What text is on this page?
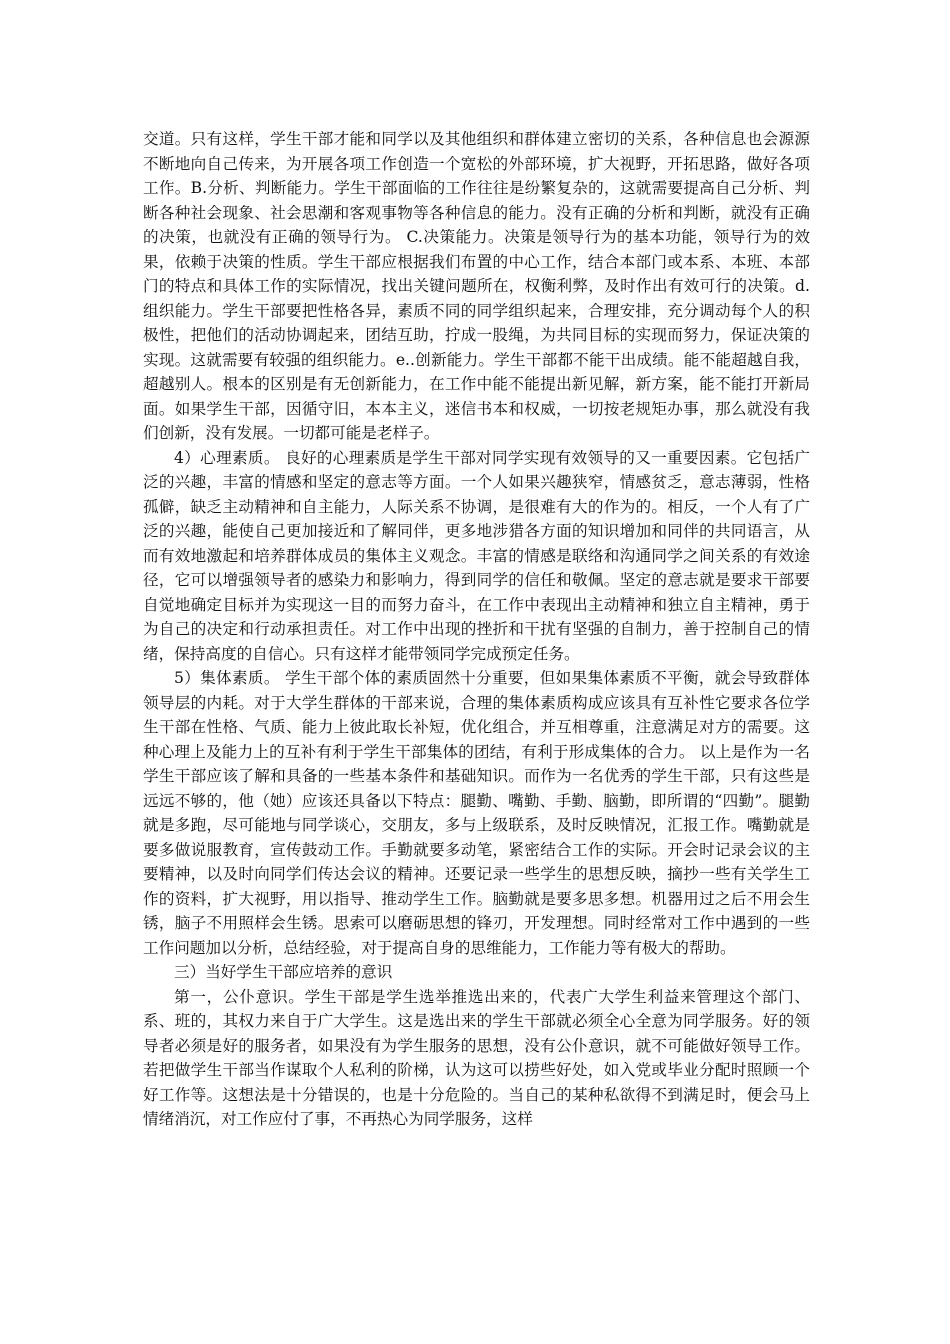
交道。只有这样，学生干部才能和同学以及其他组织和群体建立密切的关系，各种信息也会源源不断地向自己传来，为开展各项工作创造一个宽松的外部环境，扩大视野，开拓思路，做好各项工作。B.分析、判断能力。学生干部面临的工作往往是纷繁复杂的，这就需要提高自己分析、判断各种社会现象、社会思潮和客观事物等各种信息的能力。没有正确的分析和判断，就没有正确的决策，也就没有正确的领导行为。 C.决策能力。决策是领导行为的基本功能，领导行为的效果，依赖于决策的性质。学生干部应根据我们布置的中心工作，结合本部门或本系、本班、本部门的特点和具体工作的实际情况，找出关键问题所在，权衡利弊，及时作出有效可行的决策。d.组织能力。学生干部要把性格各异，素质不同的同学组织起来，合理安排，充分调动每个人的积极性，把他们的活动协调起来，团结互助，拧成一股绳，为共同目标的实现而努力，保证决策的实现。这就需要有较强的组织能力。e..创新能力。学生干部都不能干出成绩。能不能超越自我，超越别人。根本的区别是有无创新能力，在工作中能不能提出新见解，新方案，能不能打开新局面。如果学生干部，因循守旧，本本主义，迷信书本和权威，一切按老规矩办事，那么就没有我们创新，没有发展。一切都可能是老样子。

4）心理素质。 良好的心理素质是学生干部对同学实现有效领导的又一重要因素。它包括广泛的兴趣，丰富的情感和坚定的意志等方面。一个人如果兴趣狭窄，情感贫乏，意志薄弱，性格孤僻，缺乏主动精神和自主能力，人际关系不协调，是很难有大的作为的。相反，一个人有了广泛的兴趣，能使自己更加接近和了解同伴，更多地涉猎各方面的知识增加和同伴的共同语言，从而有效地激起和培养群体成员的集体主义观念。丰富的情感是联络和沟通同学之间关系的有效途径，它可以增强领导者的感染力和影响力，得到同学的信任和敬佩。坚定的意志就是要求干部要自觉地确定目标并为实现这一目的而努力奋斗，在工作中表现出主动精神和独立自主精神，勇于为自己的决定和行动承担责任。对工作中出现的挫折和干扰有坚强的自制力，善于控制自己的情绪，保持高度的自信心。只有这样才能带领同学完成预定任务。

5）集体素质。 学生干部个体的素质固然十分重要，但如果集体素质不平衡，就会导致群体领导层的内耗。对于大学生群体的干部来说，合理的集体素质构成应该具有互补性它要求各位学生干部在性格、气质、能力上彼此取长补短，优化组合，并互相尊重，注意满足对方的需要。这种心理上及能力上的互补有利于学生干部集体的团结，有利于形成集体的合力。 以上是作为一名学生干部应该了解和具备的一些基本条件和基础知识。而作为一名优秀的学生干部，只有这些是远远不够的，他（她）应该还具备以下特点：腿勤、嘴勤、手勤、脑勤，即所谓的“四勤”。腿勤就是多跑，尽可能地与同学谈心，交朋友，多与上级联系，及时反映情况，汇报工作。嘴勤就是要多做说服教育，宣传鼓动工作。手勤就要多动笔，紧密结合工作的实际。开会时记录会议的主要精神，以及时向同学们传达会议的精神。还要记录一些学生的思想反映，摘抄一些有关学生工作的资料，扩大视野，用以指导、推动学生工作。脑勤就是要多思多想。机器用过之后不用会生锈，脑子不用照样会生锈。思索可以磨砺思想的锋刃，开发理想。同时经常对工作中遇到的一些工作问题加以分析，总结经验，对于提高自身的思维能力，工作能力等有极大的帮助。

三）当好学生干部应培养的意识

第一，公仆意识。学生干部是学生选举推选出来的，代表广大学生利益来管理这个部门、系、班的，其权力来自于广大学生。这是选出来的学生干部就必须全心全意为同学服务。好的领导者必须是好的服务者，如果没有为学生服务的思想，没有公仆意识，就不可能做好领导工作。若把做学生干部当作谋取个人私利的阶梯，认为这可以捞些好处，如入党或毕业分配时照顾一个好工作等。这想法是十分错误的，也是十分危险的。当自己的某种私欲得不到满足时，便会马上情绪消沉，对工作应付了事，不再热心为同学服务，这样
